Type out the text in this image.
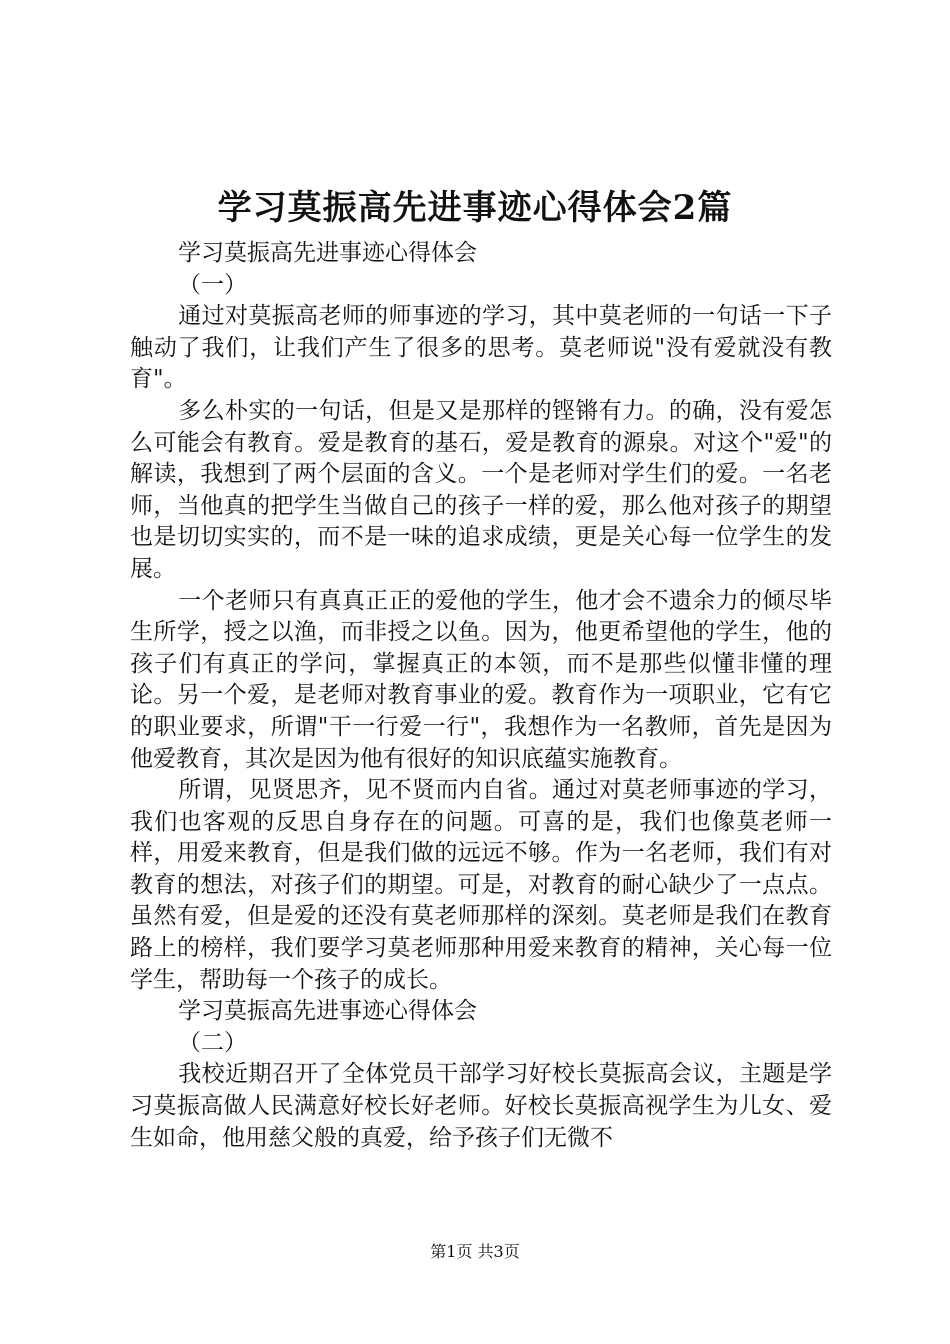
学习莫振高先进事迹心得体会2篇

学习莫振高先进事迹心得体会

（一）

通过对莫振高老师的师事迹的学习，其中莫老师的一句话一下子触动了我们，让我们产生了很多的思考。莫老师说"没有爱就没有教育"。

多么朴实的一句话，但是又是那样的铿锵有力。的确，没有爱怎么可能会有教育。爱是教育的基石，爱是教育的源泉。对这个"爱"的解读，我想到了两个层面的含义。一个是老师对学生们的爱。一名老师，当他真的把学生当做自己的孩子一样的爱，那么他对孩子的期望也是切切实实的，而不是一味的追求成绩，更是关心每一位学生的发展。

一个老师只有真真正正的爱他的学生，他才会不遗余力的倾尽毕生所学，授之以渔，而非授之以鱼。因为，他更希望他的学生，他的孩子们有真正的学问，掌握真正的本领，而不是那些似懂非懂的理论。另一个爱，是老师对教育事业的爱。教育作为一项职业，它有它的职业要求，所谓"干一行爱一行"，我想作为一名教师，首先是因为他爱教育，其次是因为他有很好的知识底蕴实施教育。

所谓，见贤思齐，见不贤而内自省。通过对莫老师事迹的学习，我们也客观的反思自身存在的问题。可喜的是，我们也像莫老师一样，用爱来教育，但是我们做的远远不够。作为一名老师，我们有对教育的想法，对孩子们的期望。可是，对教育的耐心缺少了一点点。虽然有爱，但是爱的还没有莫老师那样的深刻。莫老师是我们在教育路上的榜样，我们要学习莫老师那种用爱来教育的精神，关心每一位学生，帮助每一个孩子的成长。

学习莫振高先进事迹心得体会

（二）

我校近期召开了全体党员干部学习好校长莫振高会议，主题是学习莫振高做人民满意好校长好老师。好校长莫振高视学生为儿女、爱生如命，他用慈父般的真爱，给予孩子们无微不

第1页 共3页
